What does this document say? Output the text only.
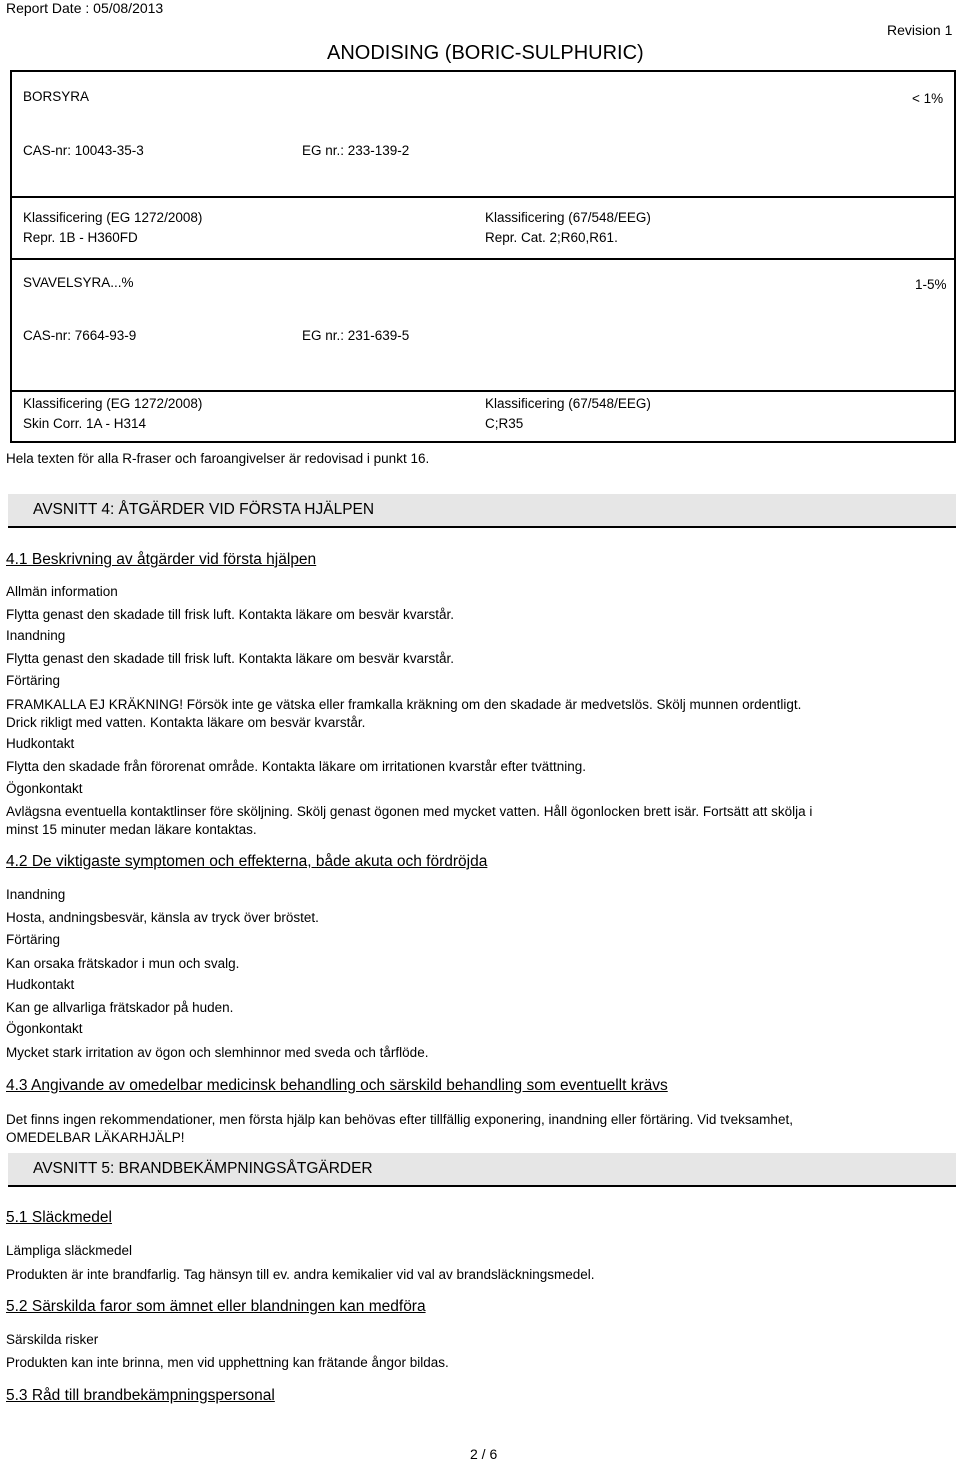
Report Date : 05/08/2013
Revision 1
ANODISING (BORIC-SULPHURIC)
BORSYRA	< 1%
CAS-nr: 10043-35-3	EG nr.: 233-139-2
Klassificering (EG 1272/2008)
Repr. 1B - H360FD
Klassificering (67/548/EEG)
Repr. Cat. 2;R60,R61.
SVAVELSYRA...%	1-5%
CAS-nr: 7664-93-9	EG nr.: 231-639-5
Klassificering (EG 1272/2008)
Skin Corr. 1A - H314
Klassificering (67/548/EEG)
C;R35
Hela texten för alla R-fraser och faroangivelser är redovisad i punkt 16.
AVSNITT 4: ÅTGÄRDER VID FÖRSTA HJÄLPEN
4.1 Beskrivning av åtgärder vid första hjälpen
Allmän information
Flytta genast den skadade till frisk luft. Kontakta läkare om besvär kvarstår.
Inandning
Flytta genast den skadade till frisk luft. Kontakta läkare om besvär kvarstår.
Förtäring
FRAMKALLA EJ KRÄKNING! Försök inte ge vätska eller framkalla kräkning om den skadade är medvetslös. Skölj munnen ordentligt.
Drick rikligt med vatten. Kontakta läkare om besvär kvarstår.
Hudkontakt
Flytta den skadade från förorenat område. Kontakta läkare om irritationen kvarstår efter tvättning.
Ögonkontakt
Avlägsna eventuella kontaktlinser före sköljning. Skölj genast ögonen med mycket vatten. Håll ögonlocken brett isär. Fortsätt att skölja i
minst 15 minuter medan läkare kontaktas.
4.2 De viktigaste symptomen och effekterna, både akuta och fördröjda
Inandning
Hosta, andningsbesvär, känsla av tryck över bröstet.
Förtäring
Kan orsaka frätskador i mun och svalg.
Hudkontakt
Kan ge allvarliga frätskador på huden.
Ögonkontakt
Mycket stark irritation av ögon och slemhinnor med sveda och tårflöde.
4.3 Angivande av omedelbar medicinsk behandling och särskild behandling som eventuellt krävs
Det finns ingen rekommendationer, men första hjälp kan behövas efter tillfällig exponering, inandning eller förtäring. Vid tveksamhet,
OMEDELBAR LÄKARHJÄLP!
AVSNITT 5: BRANDBEKÄMPNINGSÅTGÄRDER
5.1 Släckmedel
Lämpliga släckmedel
Produkten är inte brandfarlig. Tag hänsyn till ev. andra kemikalier vid val av brandsläckningsmedel.
5.2 Särskilda faror som ämnet eller blandningen kan medföra
Särskilda risker
Produkten kan inte brinna, men vid upphettning kan frätande ångor bildas.
5.3 Råd till brandbekämpningspersonal
2 / 6
